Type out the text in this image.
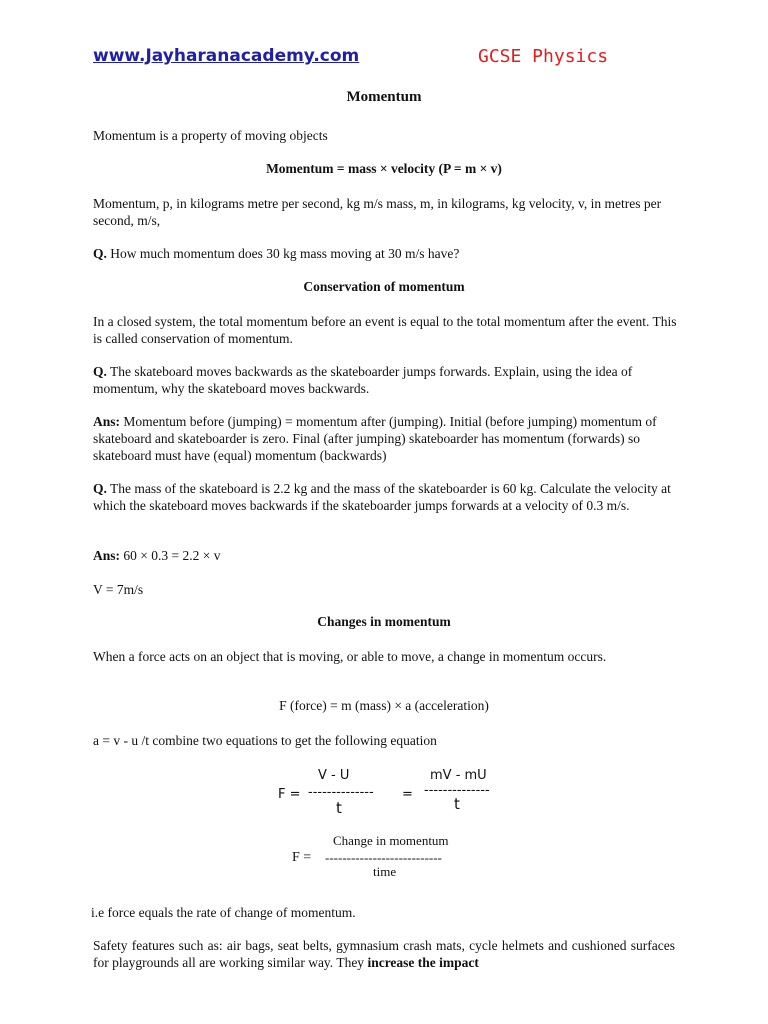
www.Jayharanacademy.com	GCSE Physics
Momentum
Momentum is a property of moving objects
Momentum = mass × velocity (P = m × v)
Momentum, p, in kilograms metre per second, kg m/s mass, m, in kilograms, kg velocity, v, in metres per second, m/s,
Q. How much momentum does 30 kg mass moving at 30 m/s have?
Conservation of momentum
In a closed system, the total momentum before an event is equal to the total momentum after the event. This is called conservation of momentum.
Q. The skateboard moves backwards as the skateboarder jumps forwards. Explain, using the idea of momentum, why the skateboard moves backwards.
Ans: Momentum before (jumping) = momentum after (jumping). Initial (before jumping) momentum of skateboard and skateboarder is zero. Final (after jumping) skateboarder has momentum (forwards) so skateboard must have (equal) momentum (backwards)
Q. The mass of the skateboard is 2.2 kg and the mass of the skateboarder is 60 kg. Calculate the velocity at which the skateboard moves backwards if the skateboarder jumps forwards at a velocity of 0.3 m/s.
Ans: 60 × 0.3 = 2.2 × v
V = 7m/s
Changes in momentum
When a force acts on an object that is moving, or able to move, a change in momentum occurs.
F (force) = m (mass) × a (acceleration)
a = v - u /t combine two equations to get the following equation
F =
V - U
--------------
t
=
mV - mU
--------------
t
F =
Change in momentum
---------------------------
time
i.e force equals the rate of change of momentum.
Safety features such as: air bags, seat belts, gymnasium crash mats, cycle helmets and cushioned surfaces for playgrounds all are working similar way. They increase the impact
